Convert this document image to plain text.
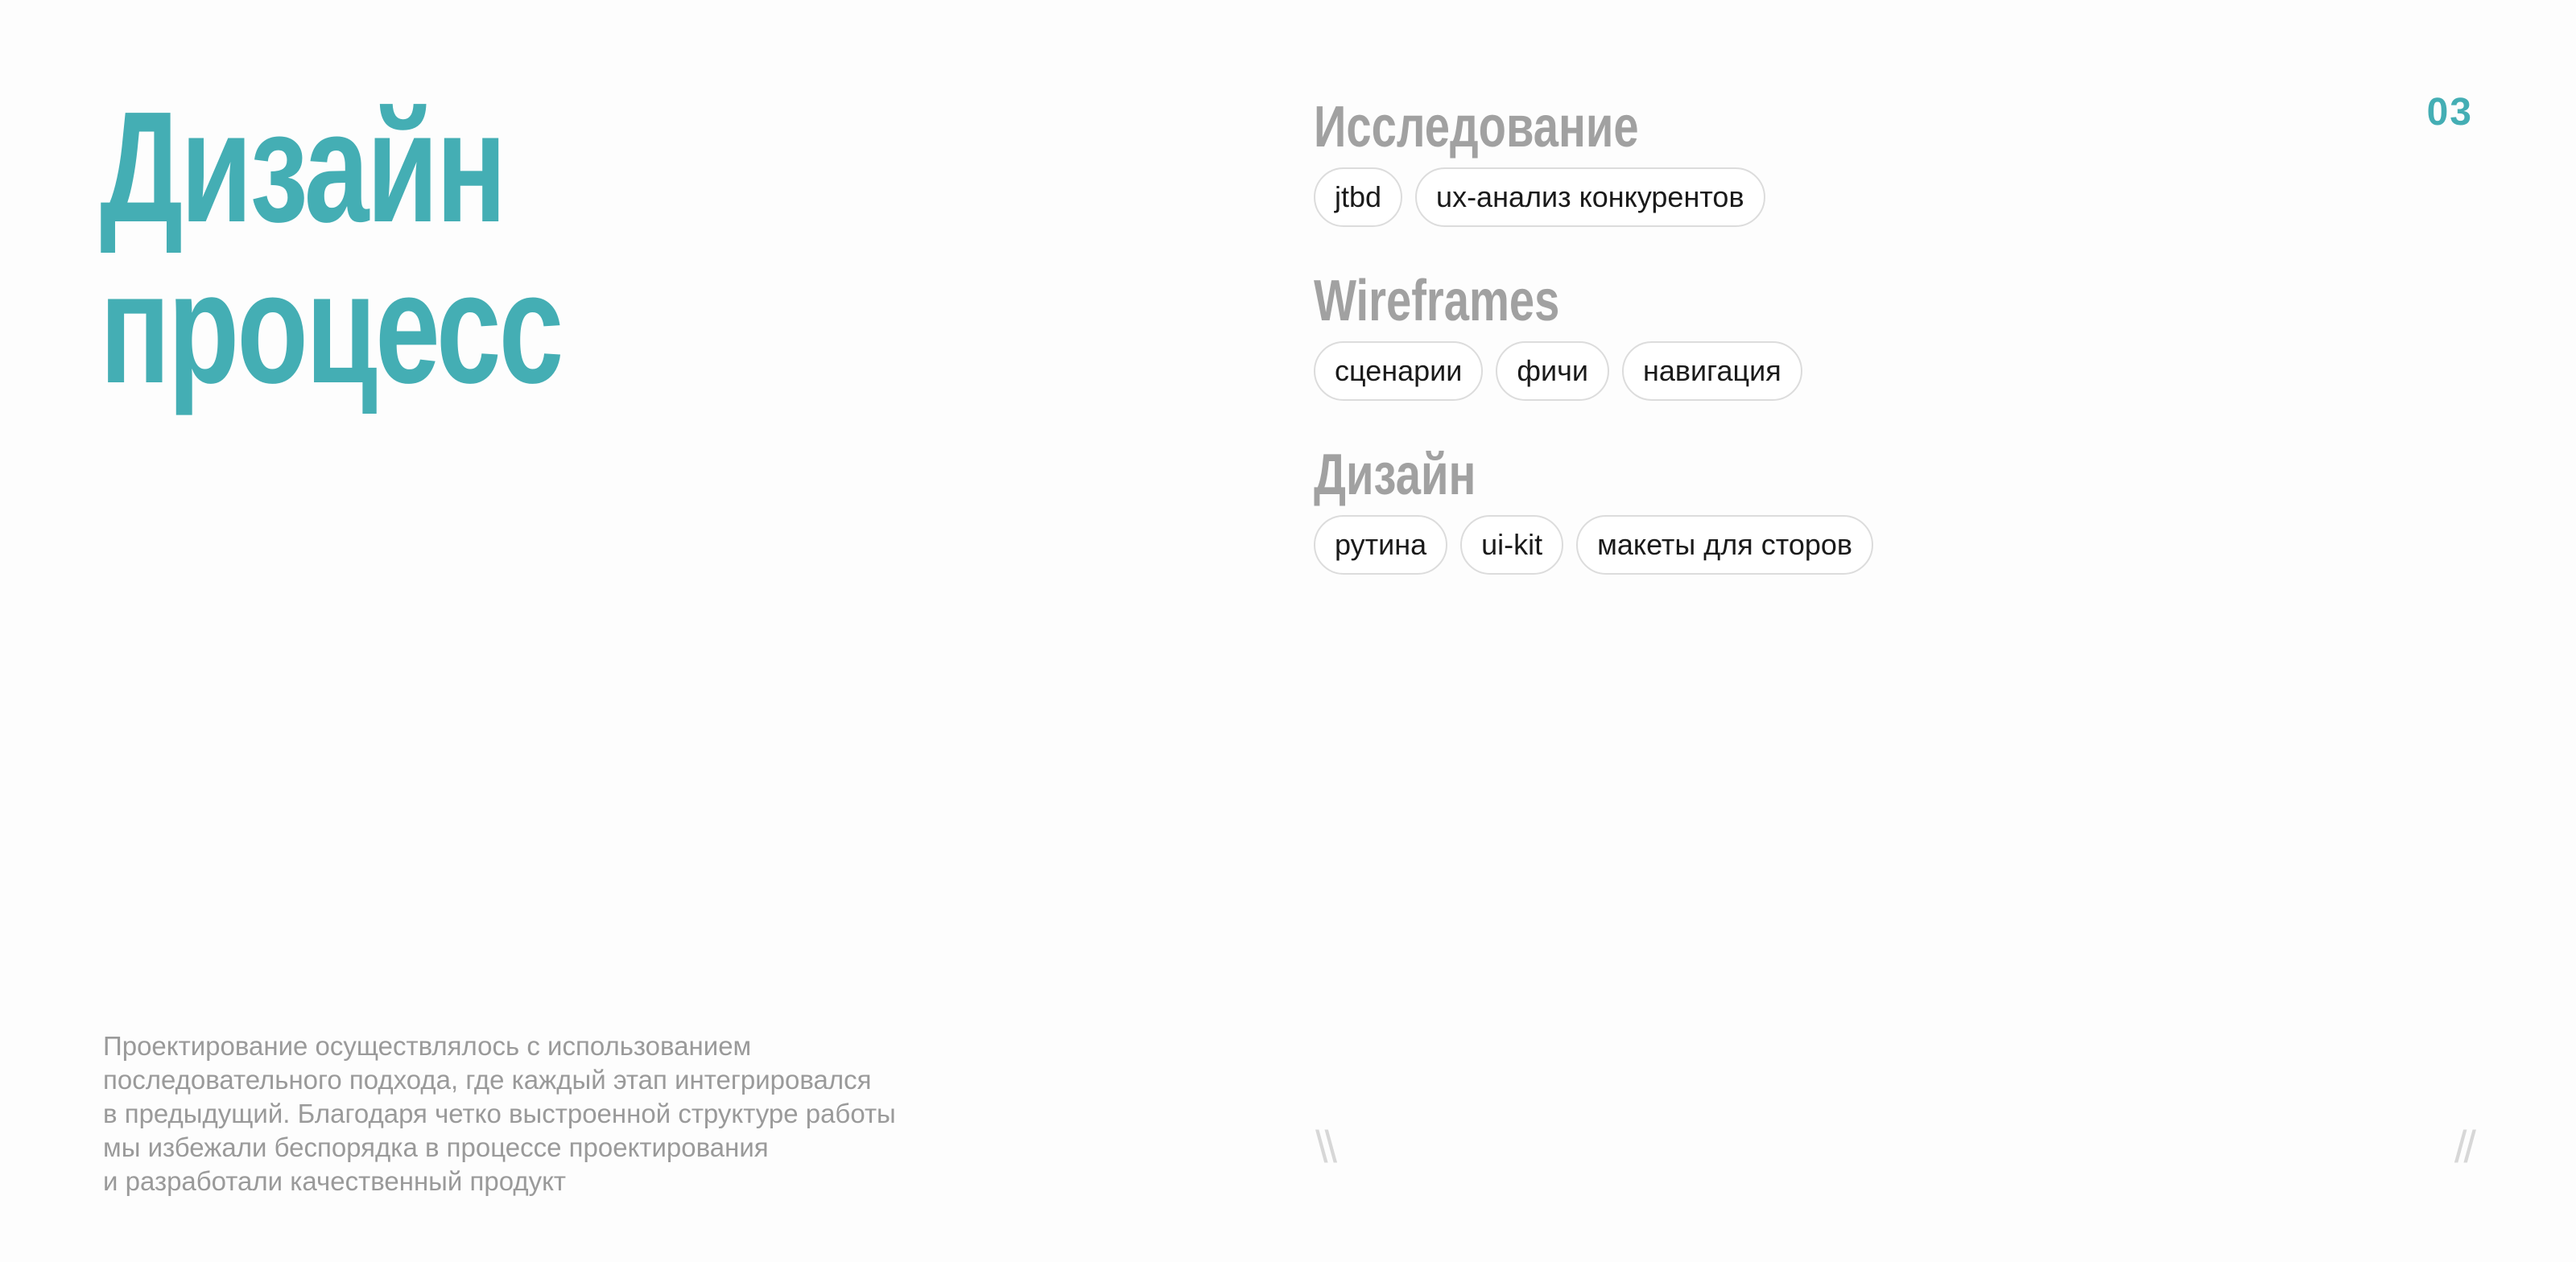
Дизайн
процесс
03
Исследование
jtbd	ux-анализ конкурентов
Wireframes
сценарии	фичи	навигация
Дизайн
рутина	ui-kit	макеты для сторов

Проектирование осуществлялось с использованием
последовательного подхода, где каждый этап интегрировался
в предыдущий. Благодаря четко выстроенной структуре работы
мы избежали беспорядка в процессе проектирования
и разработали качественный продукт

\\	//
